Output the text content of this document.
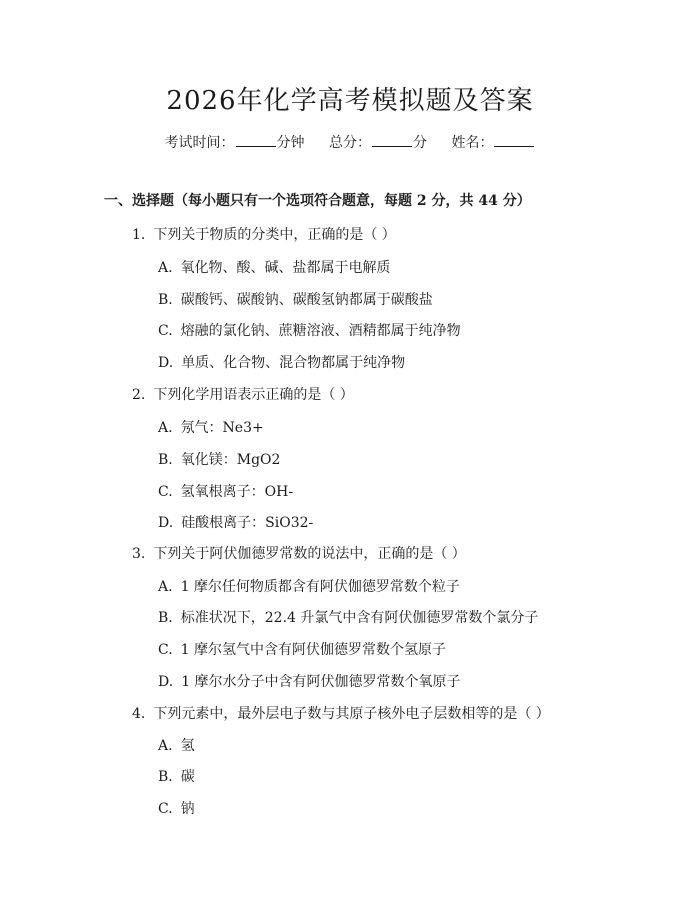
2026年化学高考模拟题及答案
考试时间：	分钟 总分：	分 姓名：
一、选择题（每小题只有一个选项符合题意，每题 2 分，共 44 分）
1. 下列关于物质的分类中，正确的是（ ）
A. 氧化物、酸、碱、盐都属于电解质
B. 碳酸钙、碳酸钠、碳酸氢钠都属于碳酸盐
C. 熔融的氯化钠、蔗糖溶液、酒精都属于纯净物
D. 单质、化合物、混合物都属于纯净物
2. 下列化学用语表示正确的是（ ）
A. 氖气：Ne3+
B. 氧化镁：MgO2
C. 氢氧根离子：OH-
D. 硅酸根离子：SiO32-
3. 下列关于阿伏伽德罗常数的说法中，正确的是（ ）
A. 1 摩尔任何物质都含有阿伏伽德罗常数个粒子
B. 标准状况下，22.4 升氯气中含有阿伏伽德罗常数个氯分子
C. 1 摩尔氢气中含有阿伏伽德罗常数个氢原子
D. 1 摩尔水分子中含有阿伏伽德罗常数个氧原子
4. 下列元素中，最外层电子数与其原子核外电子层数相等的是（ ）
A. 氢
B. 碳
C. 钠
